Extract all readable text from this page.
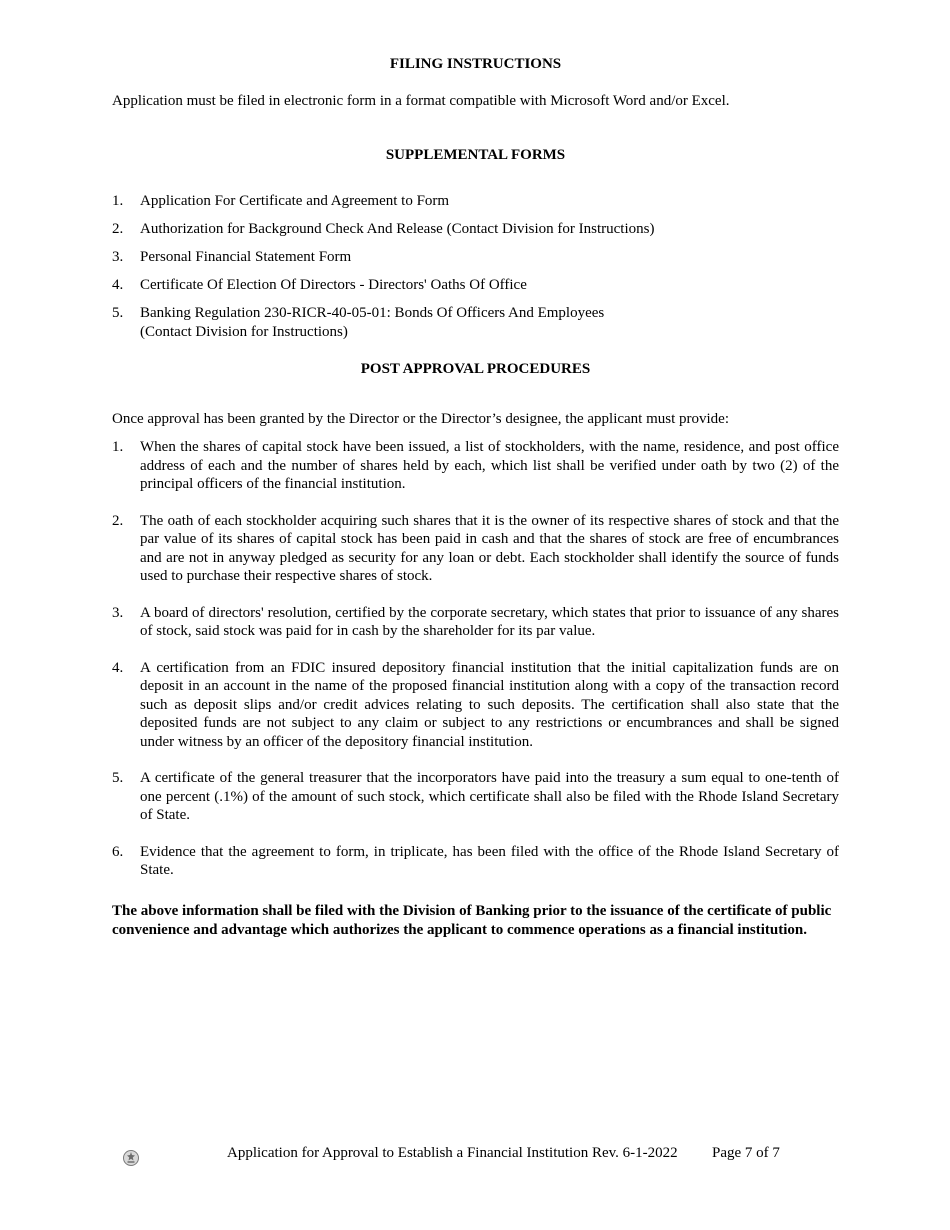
FILING INSTRUCTIONS

Application must be filed in electronic form in a format compatible with Microsoft Word and/or Excel.

SUPPLEMENTAL FORMS
1. Application For Certificate and Agreement to Form
2. Authorization for Background Check And Release (Contact Division for Instructions)
3. Personal Financial Statement Form
4. Certificate Of Election Of Directors - Directors' Oaths Of Office
5. Banking Regulation 230-RICR-40-05-01: Bonds Of Officers And Employees
(Contact Division for Instructions)
POST APPROVAL PROCEDURES

Once approval has been granted by the Director or the Director’s designee, the applicant must provide:

1. When the shares of capital stock have been issued, a list of stockholders, with the name, residence, and post office address of each and the number of shares held by each, which list shall be verified under oath by two (2) of the principal officers of the financial institution.
2. The oath of each stockholder acquiring such shares that it is the owner of its respective shares of stock and that the par value of its shares of capital stock has been paid in cash and that the shares of stock are free of encumbrances and are not in anyway pledged as security for any loan or debt. Each stockholder shall identify the source of funds used to purchase their respective shares of stock.
3. A board of directors' resolution, certified by the corporate secretary, which states that prior to issuance of any shares of stock, said stock was paid for in cash by the shareholder for its par value.
4. A certification from an FDIC insured depository financial institution that the initial capitalization funds are on deposit in an account in the name of the proposed financial institution along with a copy of the transaction record such as deposit slips and/or credit advices relating to such deposits. The certification shall also state that the deposited funds are not subject to any claim or subject to any restrictions or encumbrances and shall be signed under witness by an officer of the depository financial institution.
5. A certificate of the general treasurer that the incorporators have paid into the treasury a sum equal to one-tenth of one percent (.1%) of the amount of such stock, which certificate shall also be filed with the Rhode Island Secretary of State.
6. Evidence that the agreement to form, in triplicate, has been filed with the office of the Rhode Island Secretary of State.

The above information shall be filed with the Division of Banking prior to the issuance of the certificate of public convenience and advantage which authorizes the applicant to commence operations as a financial institution.

Application for Approval to Establish a Financial Institution Rev. 6-1-2022 Page 7 of 7
